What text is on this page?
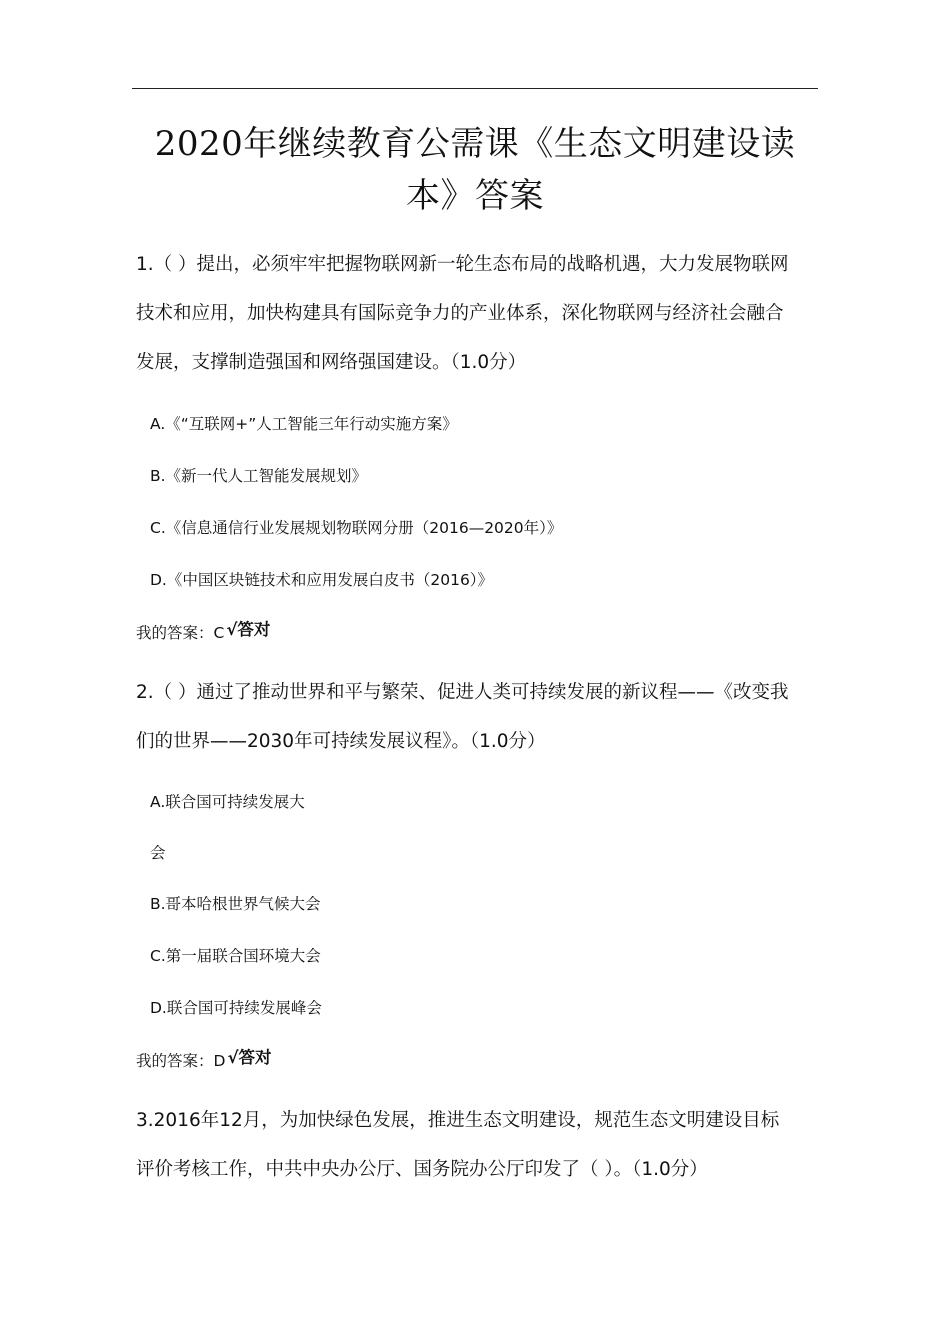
2020年继续教育公需课《生态文明建设读
本》答案
1.（ ）提出，必须牢牢把握物联网新一轮生态布局的战略机遇，大力发展物联网
技术和应用，加快构建具有国际竞争力的产业体系，深化物联网与经济社会融合
发展，支撑制造强国和网络强国建设。（1.0分）
A.《“互联网+”人工智能三年行动实施方案》
B.《新一代人工智能发展规划》
C.《信息通信行业发展规划物联网分册（2016—2020年）》
D.《中国区块链技术和应用发展白皮书（2016）》
我的答案：C √答对
2.（ ）通过了推动世界和平与繁荣、促进人类可持续发展的新议程——《改变我
们的世界——2030年可持续发展议程》。（1.0分）
A.联合国可持续发展大
会
B.哥本哈根世界气候大会
C.第一届联合国环境大会
D.联合国可持续发展峰会
我的答案：D √答对
3.2016年12月，为加快绿色发展，推进生态文明建设，规范生态文明建设目标
评价考核工作，中共中央办公厅、国务院办公厅印发了（ ）。（1.0分）
